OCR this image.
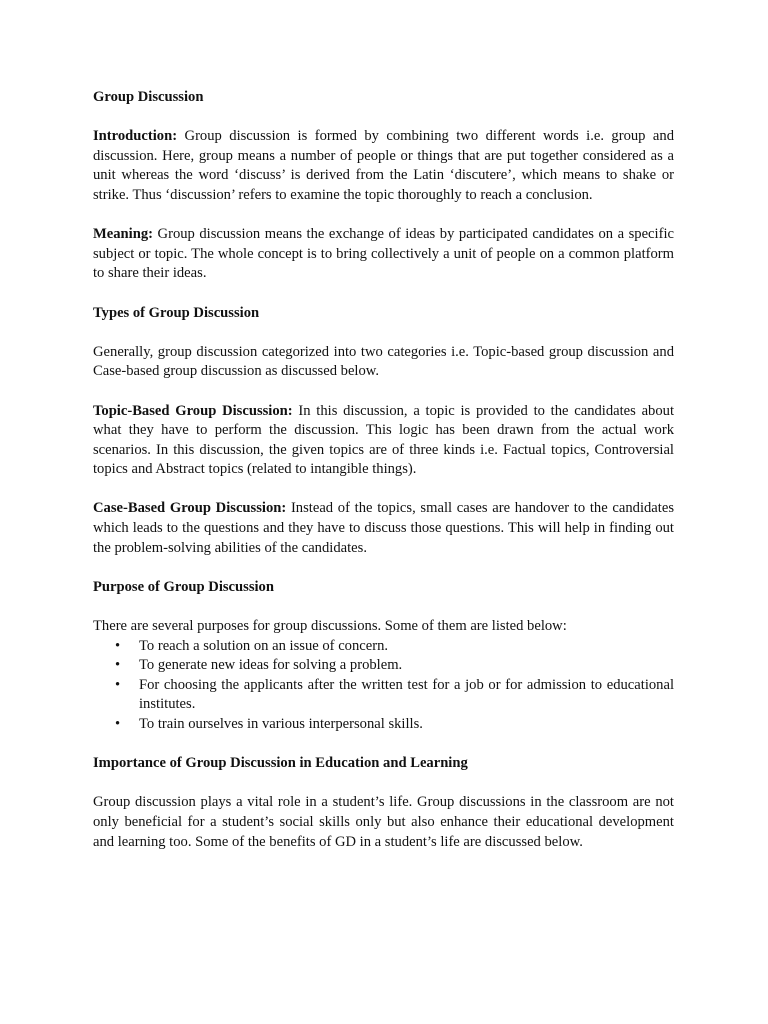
Group Discussion

Introduction: Group discussion is formed by combining two different words i.e. group and discussion. Here, group means a number of people or things that are put together considered as a unit whereas the word ‘discuss’ is derived from the Latin ‘discutere’, which means to shake or strike. Thus ‘discussion’ refers to examine the topic thoroughly to reach a conclusion.

Meaning: Group discussion means the exchange of ideas by participated candidates on a specific subject or topic. The whole concept is to bring collectively a unit of people on a common platform to share their ideas.

Types of Group Discussion

Generally, group discussion categorized into two categories i.e. Topic-based group discussion and Case-based group discussion as discussed below.

Topic-Based Group Discussion: In this discussion, a topic is provided to the candidates about what they have to perform the discussion. This logic has been drawn from the actual work scenarios. In this discussion, the given topics are of three kinds i.e. Factual topics, Controversial topics and Abstract topics (related to intangible things).

Case-Based Group Discussion: Instead of the topics, small cases are handover to the candidates which leads to the questions and they have to discuss those questions. This will help in finding out the problem-solving abilities of the candidates.

Purpose of Group Discussion

There are several purposes for group discussions. Some of them are listed below:

•	To reach a solution on an issue of concern.
•	To generate new ideas for solving a problem.
•	For choosing the applicants after the written test for a job or for admission to educational institutes.
•	To train ourselves in various interpersonal skills.

Importance of Group Discussion in Education and Learning

Group discussion plays a vital role in a student’s life. Group discussions in the classroom are not only beneficial for a student’s social skills only but also enhance their educational development and learning too. Some of the benefits of GD in a student’s life are discussed below.
